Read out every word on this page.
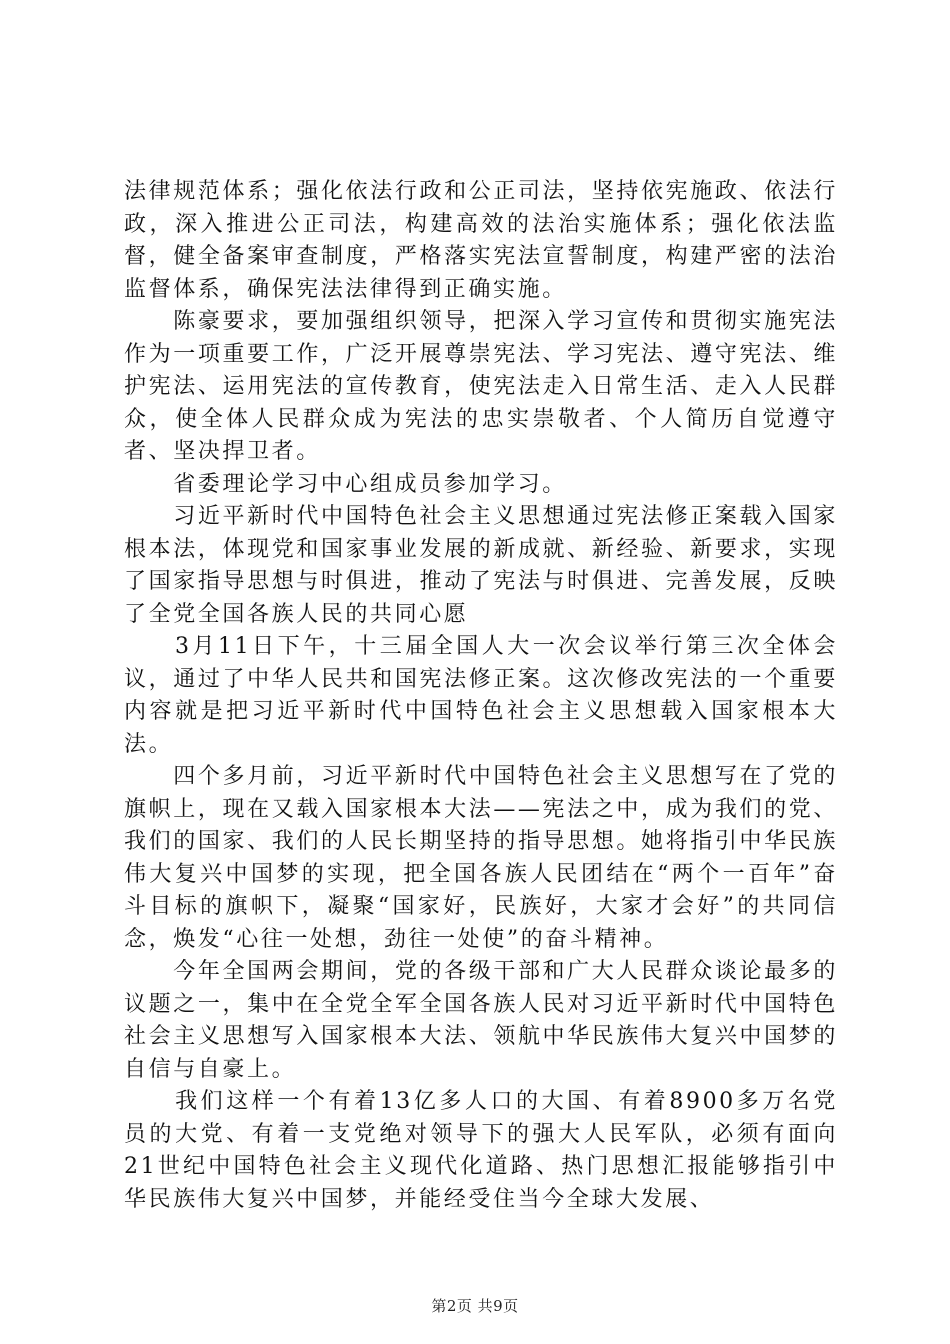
法律规范体系；强化依法行政和公正司法，坚持依宪施政、依法行政，深入推进公正司法，构建高效的法治实施体系；强化依法监督，健全备案审查制度，严格落实宪法宣誓制度，构建严密的法治监督体系，确保宪法法律得到正确实施。

　　陈豪要求，要加强组织领导，把深入学习宣传和贯彻实施宪法作为一项重要工作，广泛开展尊崇宪法、学习宪法、遵守宪法、维护宪法、运用宪法的宣传教育，使宪法走入日常生活、走入人民群众，使全体人民群众成为宪法的忠实崇敬者、个人简历自觉遵守者、坚决捍卫者。

　　省委理论学习中心组成员参加学习。

　　习近平新时代中国特色社会主义思想通过宪法修正案载入国家根本法，体现党和国家事业发展的新成就、新经验、新要求，实现了国家指导思想与时俱进，推动了宪法与时俱进、完善发展，反映了全党全国各族人民的共同心愿

　　3月11日下午，十三届全国人大一次会议举行第三次全体会议，通过了中华人民共和国宪法修正案。这次修改宪法的一个重要内容就是把习近平新时代中国特色社会主义思想载入国家根本大法。

　　四个多月前，习近平新时代中国特色社会主义思想写在了党的旗帜上，现在又载入国家根本大法——宪法之中，成为我们的党、我们的国家、我们的人民长期坚持的指导思想。她将指引中华民族伟大复兴中国梦的实现，把全国各族人民团结在“两个一百年”奋斗目标的旗帜下，凝聚“国家好，民族好，大家才会好”的共同信念，焕发“心往一处想，劲往一处使”的奋斗精神。

　　今年全国两会期间，党的各级干部和广大人民群众谈论最多的议题之一，集中在全党全军全国各族人民对习近平新时代中国特色社会主义思想写入国家根本大法、领航中华民族伟大复兴中国梦的自信与自豪上。

　　我们这样一个有着13亿多人口的大国、有着8900多万名党员的大党、有着一支党绝对领导下的强大人民军队，必须有面向21世纪中国特色社会主义现代化道路、热门思想汇报能够指引中华民族伟大复兴中国梦，并能经受住当今全球大发展、

第2页 共9页
